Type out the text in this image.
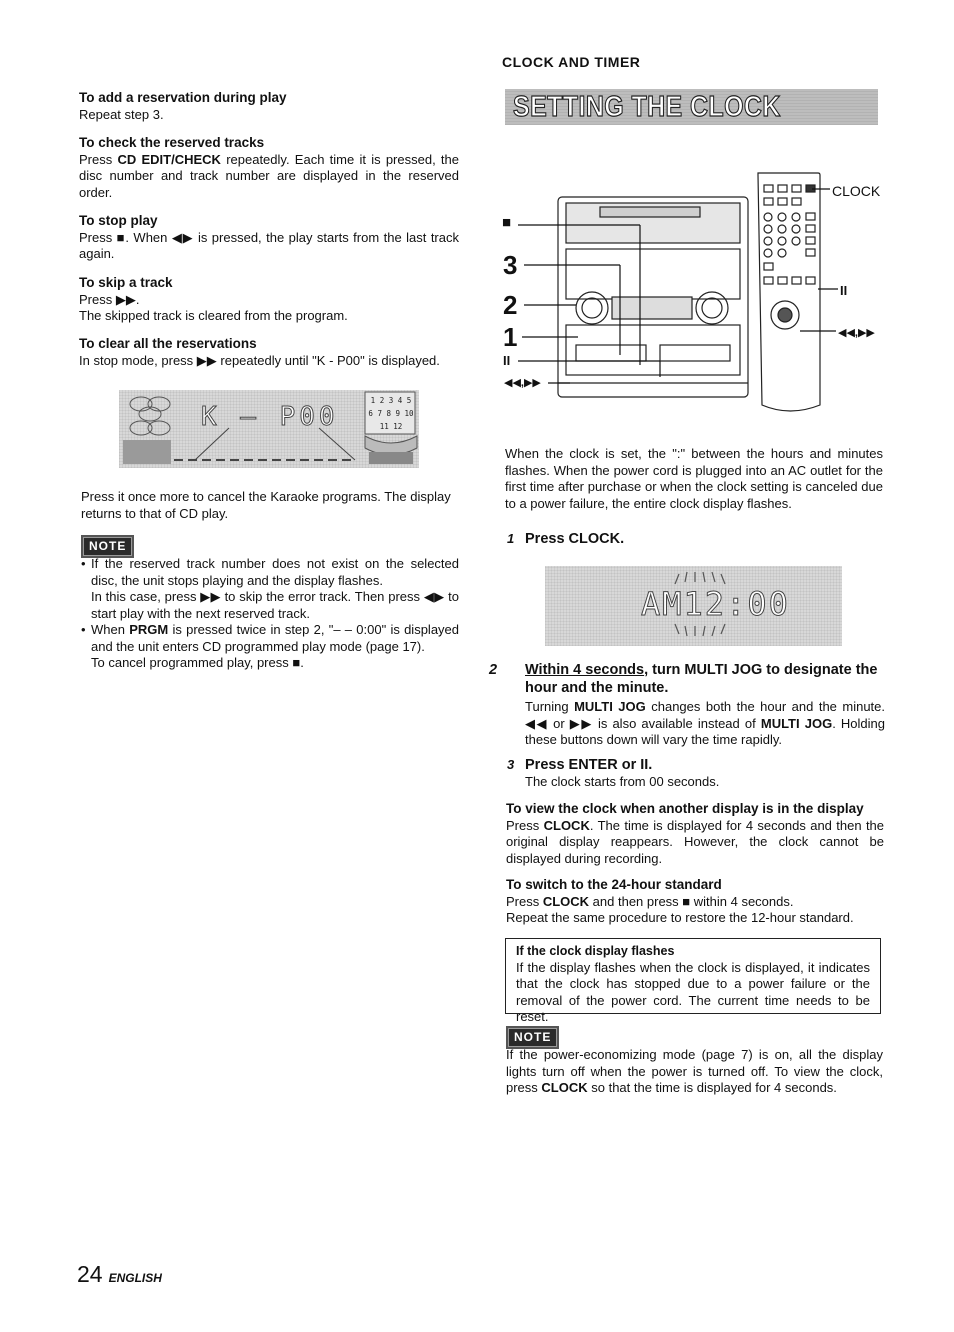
CLOCK AND TIMER
SETTING THE CLOCK

To add a reservation during play

Repeat step 3.

To check the reserved tracks

Press CD EDIT/CHECK repeatedly. Each time it is pressed, the disc number and track number are displayed in the reserved order.

To stop play

Press ■. When ◀▶ is pressed, the play starts from the last track again.

To skip a track

Press ▶▶.

The skipped track is cleared from the program.

To clear all the reservations

In stop mode, press ▶▶ repeatedly until "K - P00" is displayed.

K — P00
1 2 3 4 5
6 7 8 9 10
11 12

Press it once more to cancel the Karaoke programs. The display returns to that of CD play.

NOTE

• If the reserved track number does not exist on the selected disc, the unit stops playing and the display flashes.

In this case, press ▶▶ to skip the error track. Then press ◀▶ to start play with the next reserved track.

• When PRGM is pressed twice in step 2, "– – 0:00" is displayed and the unit enters CD programmed play mode (page 17).

To cancel programmed play, press ■.

■
3
2
1
II
◀◀,▶▶
CLOCK
II
◀◀,▶▶

When the clock is set, the ":" between the hours and minutes flashes. When the power cord is plugged into an AC outlet for the first time after purchase or when the clock setting is canceled due to a power failure, the entire clock display flashes.

1 Press CLOCK.
AM12:00
2 Within 4 seconds, turn MULTI JOG to designate the hour and the minute.

Turning MULTI JOG changes both the hour and the minute. ◀◀ or ▶▶ is also available instead of MULTI JOG. Holding these buttons down will vary the time rapidly.

3 Press ENTER or II.

The clock starts from 00 seconds.

To view the clock when another display is in the display

Press CLOCK. The time is displayed for 4 seconds and then the original display reappears. However, the clock cannot be displayed during recording.

To switch to the 24-hour standard

Press CLOCK and then press ■ within 4 seconds.

Repeat the same procedure to restore the 12-hour standard.

If the clock display flashes

If the display flashes when the clock is displayed, it indicates that the clock has stopped due to a power failure or the removal of the power cord. The current time needs to be reset.

NOTE

If the power-economizing mode (page 7) is on, all the display lights turn off when the power is turned off. To view the clock, press CLOCK so that the time is displayed for 4 seconds.

24 ENGLISH
